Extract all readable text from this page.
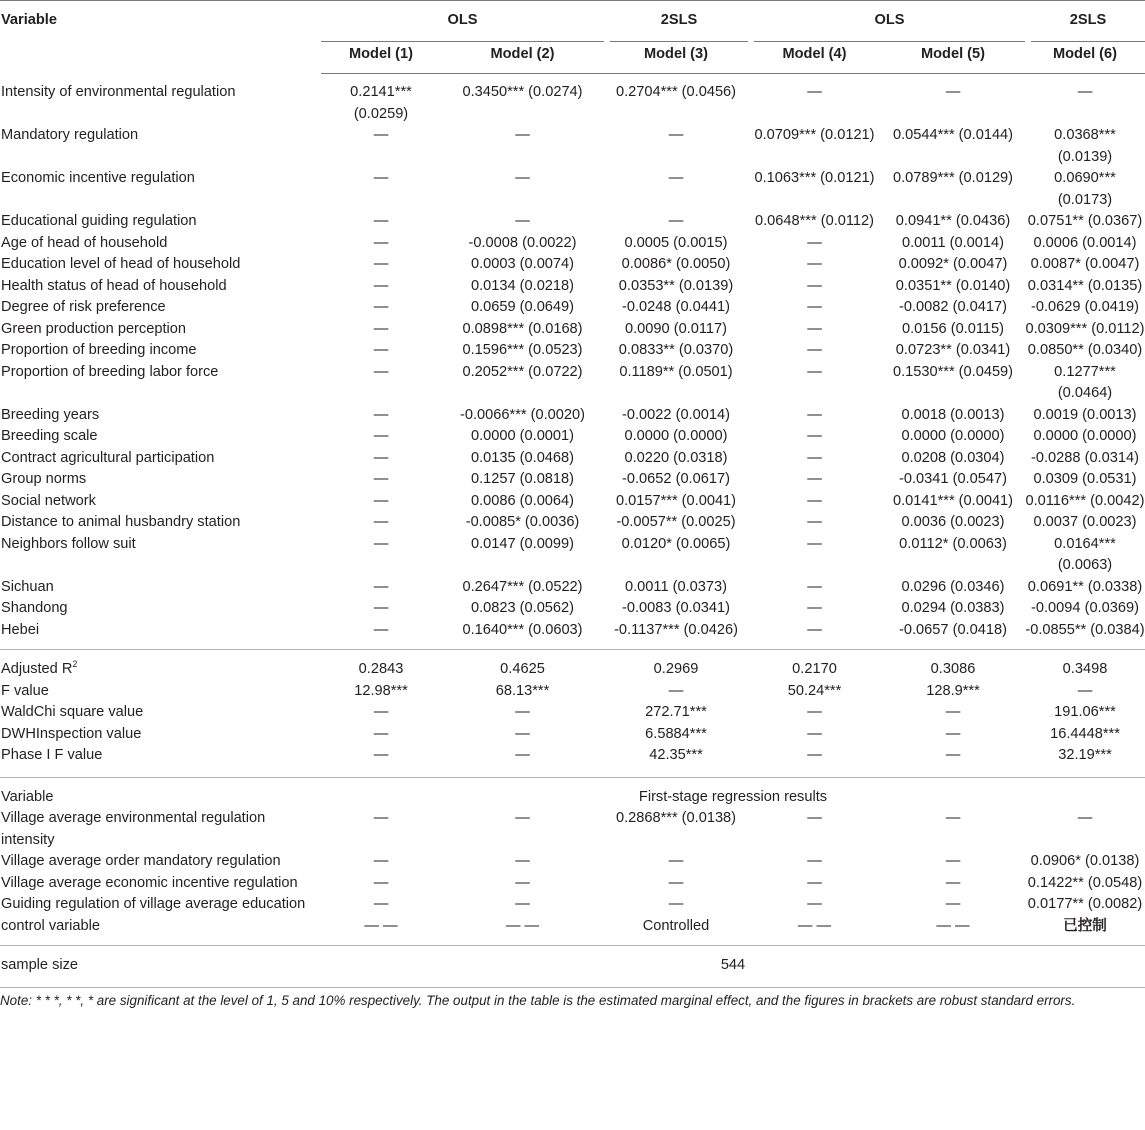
Variable	OLS		2SLS	OLS		2SLS

	Model (1)	Model (2)	Model (3)	Model (4)	Model (5)	Model (6)
Intensity of environmental regulation	0.2141*** (0.0259)	0.3450*** (0.0274)	0.2704*** (0.0456)	—	—	—
Mandatory regulation	—	—	—	0.0709*** (0.0121)	0.0544*** (0.0144)	0.0368*** (0.0139)
Economic incentive regulation	—	—	—	0.1063*** (0.0121)	0.0789*** (0.0129)	0.0690*** (0.0173)
Educational guiding regulation	—	—	—	0.0648*** (0.0112)	0.0941** (0.0436)	0.0751** (0.0367)
Age of head of household	—	-0.0008 (0.0022)	0.0005 (0.0015)	—	0.0011 (0.0014)	0.0006 (0.0014)
Education level of head of household	—	0.0003 (0.0074)	0.0086* (0.0050)	—	0.0092* (0.0047)	0.0087* (0.0047)
Health status of head of household	—	0.0134 (0.0218)	0.0353** (0.0139)	—	0.0351** (0.0140)	0.0314** (0.0135)
Degree of risk preference	—	0.0659 (0.0649)	-0.0248 (0.0441)	—	-0.0082 (0.0417)	-0.0629 (0.0419)
Green production perception	—	0.0898*** (0.0168)	0.0090 (0.0117)	—	0.0156 (0.0115)	0.0309*** (0.0112)
Proportion of breeding income	—	0.1596*** (0.0523)	0.0833** (0.0370)	—	0.0723** (0.0341)	0.0850** (0.0340)
Proportion of breeding labor force	—	0.2052*** (0.0722)	0.1189** (0.0501)	—	0.1530*** (0.0459)	0.1277*** (0.0464)
Breeding years	—	-0.0066*** (0.0020)	-0.0022 (0.0014)	—	0.0018 (0.0013)	0.0019 (0.0013)
Breeding scale	—	0.0000 (0.0001)	0.0000 (0.0000)	—	0.0000 (0.0000)	0.0000 (0.0000)
Contract agricultural participation	—	0.0135 (0.0468)	0.0220 (0.0318)	—	0.0208 (0.0304)	-0.0288 (0.0314)
Group norms	—	0.1257 (0.0818)	-0.0652 (0.0617)	—	-0.0341 (0.0547)	0.0309 (0.0531)
Social network	—	0.0086 (0.0064)	0.0157*** (0.0041)	—	0.0141*** (0.0041)	0.0116*** (0.0042)
Distance to animal husbandry station	—	-0.0085* (0.0036)	-0.0057** (0.0025)	—	0.0036 (0.0023)	0.0037 (0.0023)
Neighbors follow suit	—	0.0147 (0.0099)	0.0120* (0.0065)	—	0.0112* (0.0063)	0.0164*** (0.0063)
Sichuan	—	0.2647*** (0.0522)	0.0011 (0.0373)	—	0.0296 (0.0346)	0.0691** (0.0338)
Shandong	—	0.0823 (0.0562)	-0.0083 (0.0341)	—	0.0294 (0.0383)	-0.0094 (0.0369)
Hebei	—	0.1640*** (0.0603)	-0.1137*** (0.0426)	—	-0.0657 (0.0418)	-0.0855** (0.0384)
Adjusted $R^2$	0.2843	0.4625	0.2969	0.2170	0.3086	0.3498
F value	12.98***	68.13***	—	50.24***	128.9***	—
WaldChi square value	—	—	272.71***	—	—	191.06***
DWHInspection value	—	—	6.5884***	—	—	16.4448***
Phase I F value	—	—	42.35***	—	—	32.19***
Variable	First-stage regression results					
Village average environmental regulation intensity	—	—	0.2868*** (0.0138)	—	—	—
Village average order mandatory regulation	—	—	—	—	—	0.0906* (0.0138)
Village average economic incentive regulation	—	—	—	—	—	0.1422** (0.0548)
Guiding regulation of village average education	—	—	—	—	—	0.0177** (0.0082)
control variable	— —	— —	Controlled	— —	— —	已控制
sample size	544					
Note: * * *, * *, * are significant at the level of 1, 5 and 10% respectively. The output in the table is the estimated marginal effect, and the figures in brackets are robust standard errors.
